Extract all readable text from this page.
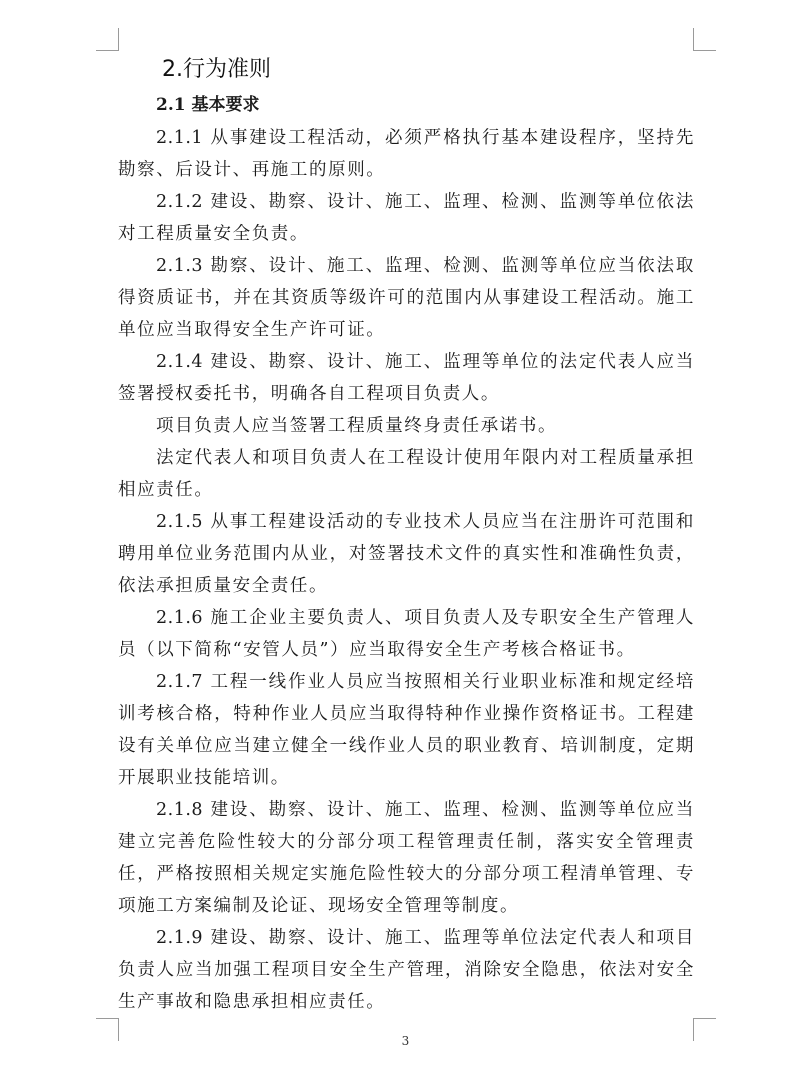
2.行为准则
2.1 基本要求

2.1.1 从事建设工程活动，必须严格执行基本建设程序，坚持先勘察、后设计、再施工的原则。

2.1.2 建设、勘察、设计、施工、监理、检测、监测等单位依法对工程质量安全负责。

2.1.3 勘察、设计、施工、监理、检测、监测等单位应当依法取得资质证书，并在其资质等级许可的范围内从事建设工程活动。施工单位应当取得安全生产许可证。

2.1.4 建设、勘察、设计、施工、监理等单位的法定代表人应当签署授权委托书，明确各自工程项目负责人。

项目负责人应当签署工程质量终身责任承诺书。

法定代表人和项目负责人在工程设计使用年限内对工程质量承担相应责任。

2.1.5 从事工程建设活动的专业技术人员应当在注册许可范围和聘用单位业务范围内从业，对签署技术文件的真实性和准确性负责，依法承担质量安全责任。

2.1.6 施工企业主要负责人、项目负责人及专职安全生产管理人员（以下简称“安管人员”）应当取得安全生产考核合格证书。

2.1.7 工程一线作业人员应当按照相关行业职业标准和规定经培训考核合格，特种作业人员应当取得特种作业操作资格证书。工程建设有关单位应当建立健全一线作业人员的职业教育、培训制度，定期开展职业技能培训。

2.1.8 建设、勘察、设计、施工、监理、检测、监测等单位应当建立完善危险性较大的分部分项工程管理责任制，落实安全管理责任，严格按照相关规定实施危险性较大的分部分项工程清单管理、专项施工方案编制及论证、现场安全管理等制度。

2.1.9 建设、勘察、设计、施工、监理等单位法定代表人和项目负责人应当加强工程项目安全生产管理，消除安全隐患，依法对安全生产事故和隐患承担相应责任。

3
